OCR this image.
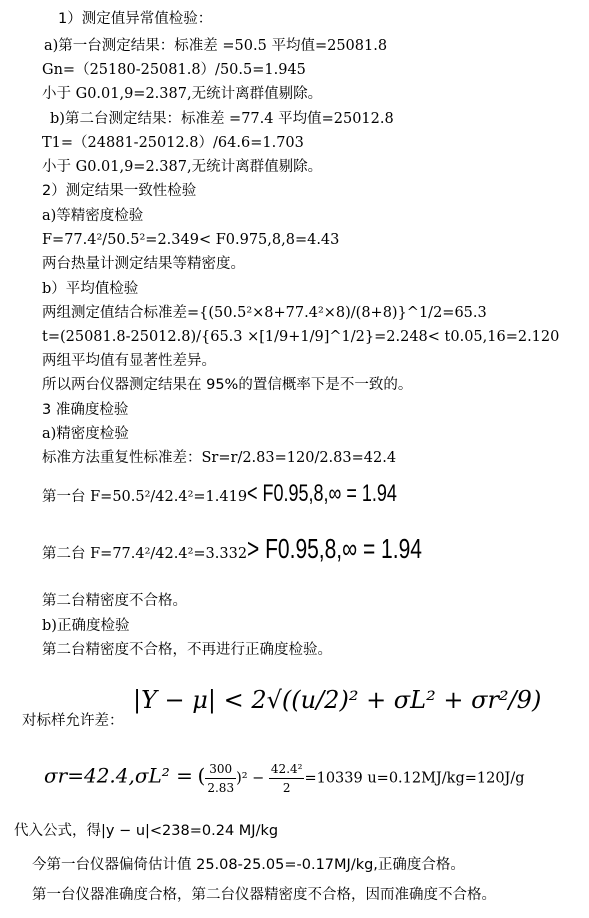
1）测定值异常值检验：
a)第一台测定结果：标准差 =50.5 平均值=25081.8
Gn=（25180-25081.8）/50.5=1.945
小于 G0.01,9=2.387,无统计离群值剔除。
b)第二台测定结果：标准差 =77.4 平均值=25012.8
T1=（24881-25012.8）/64.6=1.703
小于 G0.01,9=2.387,无统计离群值剔除。
2）测定结果一致性检验
a)等精密度检验
F=77.4²/50.5²=2.349< F0.975,8,8=4.43
两台热量计测定结果等精密度。
b）平均值检验
两组测定值结合标准差={(50.5²×8+77.4²×8)/(8+8)}^1/2=65.3
t=(25081.8-25012.8)/{65.3 ×[1/9+1/9]^1/2}=2.248< t0.05,16=2.120
两组平均值有显著性差异。
所以两台仪器测定结果在 95%的置信概率下是不一致的。
3 准确度检验
a)精密度检验
标准方法重复性标准差：Sr=r/2.83=120/2.83=42.4
第一台 F=50.5²/42.4²=1.419< F0.95,8,∞ = 1.94
第二台 F=77.4²/42.4²=3.332> F0.95,8,∞ = 1.94
第二台精密度不合格。
b)正确度检验
第二台精密度不合格，不再进行正确度检验。
对标样允许差：
|Y − μ| < 2√((u/2)² + σL² + σr²/9)
σr=42.4,σL² = ( $\frac{300}{2.83} )^2 - \frac{\text{42.4²}}{2} =10339$ u=0.12MJ/kg=120J/g
代入公式，得|y − u|<238=0.24 MJ/kg
今第一台仪器偏倚估计值 25.08-25.05=-0.17MJ/kg,正确度合格。
第一台仪器准确度合格，第二台仪器精密度不合格，因而准确度不合格。
